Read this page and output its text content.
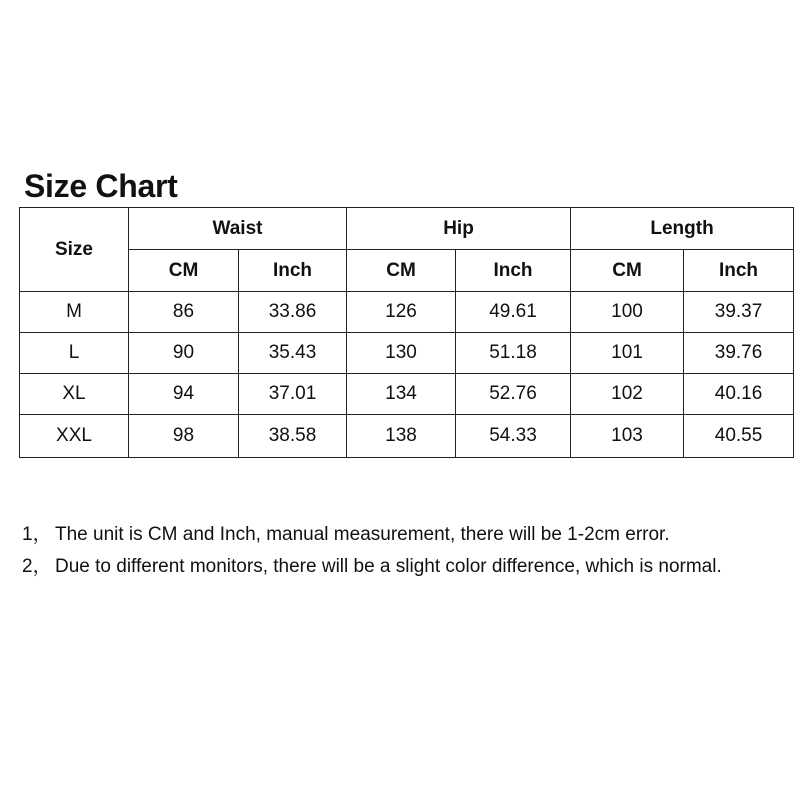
Size Chart
Size	Waist		Hip		Length	
	CM	Inch	CM	Inch	CM	Inch
M	86	33.86	126	49.61	100	39.37
L	90	35.43	130	51.18	101	39.76
XL	94	37.01	134	52.76	102	40.16
XXL	98	38.58	138	54.33	103	40.55
1， The unit is CM and Inch, manual measurement, there will be 1-2cm error.
2， Due to different monitors, there will be a slight color difference, which is normal.
